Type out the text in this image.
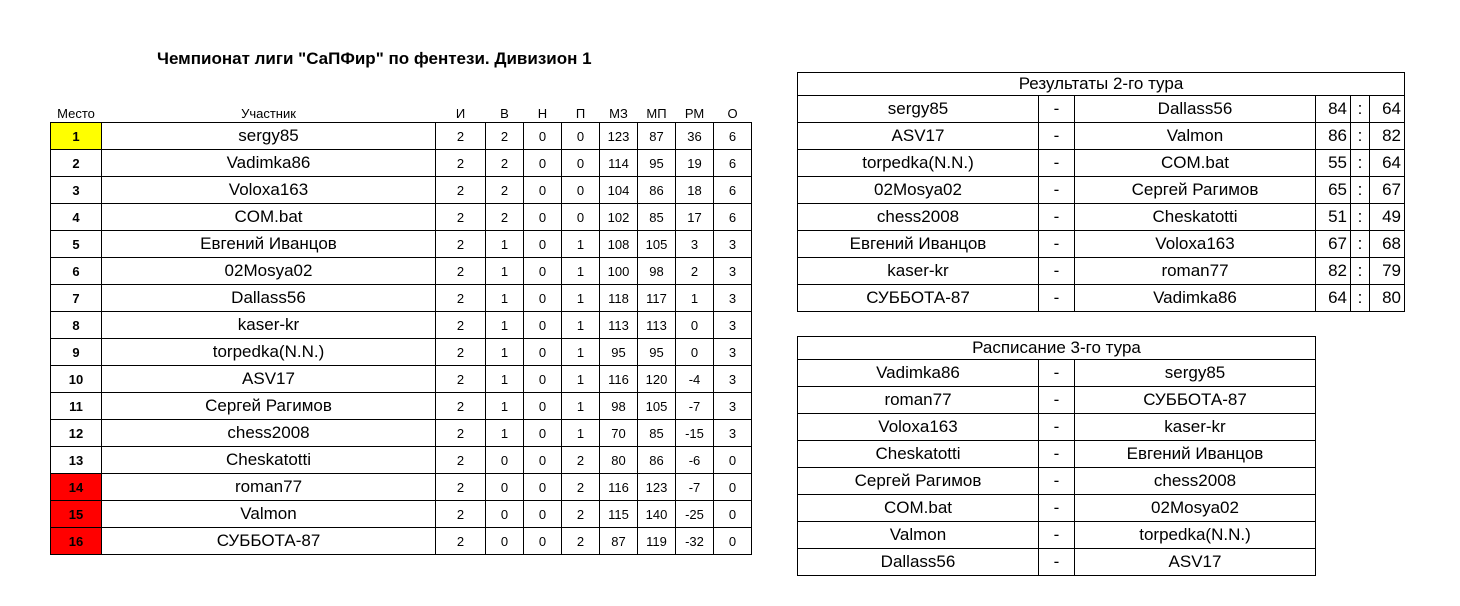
Чемпионат лиги "СаПФир" по фентези. Дивизион 1
Место	Участник	И	В	Н	П	МЗ	МП	РМ	О
1	sergy85	2	2	0	0	123	87	36	6
2	Vadimka86	2	2	0	0	114	95	19	6
3	Voloxa163	2	2	0	0	104	86	18	6
4	COM.bat	2	2	0	0	102	85	17	6
5	Евгений Иванцов	2	1	0	1	108	105	3	3
6	02Mosya02	2	1	0	1	100	98	2	3
7	Dallass56	2	1	0	1	118	117	1	3
8	kaser-kr	2	1	0	1	113	113	0	3
9	torpedka(N.N.)	2	1	0	1	95	95	0	3
10	ASV17	2	1	0	1	116	120	-4	3
11	Сергей Рагимов	2	1	0	1	98	105	-7	3
12	chess2008	2	1	0	1	70	85	-15	3
13	Cheskatotti	2	0	0	2	80	86	-6	0
14	roman77	2	0	0	2	116	123	-7	0
15	Valmon	2	0	0	2	115	140	-25	0
16	СУББОТА-87	2	0	0	2	87	119	-32	0
Результаты 2-го тура					
sergy85	-	Dallass56	84	:	64
ASV17	-	Valmon	86	:	82
torpedka(N.N.)	-	COM.bat	55	:	64
02Mosya02	-	Сергей Рагимов	65	:	67
chess2008	-	Cheskatotti	51	:	49
Евгений Иванцов	-	Voloxa163	67	:	68
kaser-kr	-	roman77	82	:	79
СУББОТА-87	-	Vadimka86	64	:	80
Расписание 3-го тура		
Vadimka86	-	sergy85
roman77	-	СУББОТА-87
Voloxa163	-	kaser-kr
Cheskatotti	-	Евгений Иванцов
Сергей Рагимов	-	chess2008
COM.bat	-	02Mosya02
Valmon	-	torpedka(N.N.)
Dallass56	-	ASV17
